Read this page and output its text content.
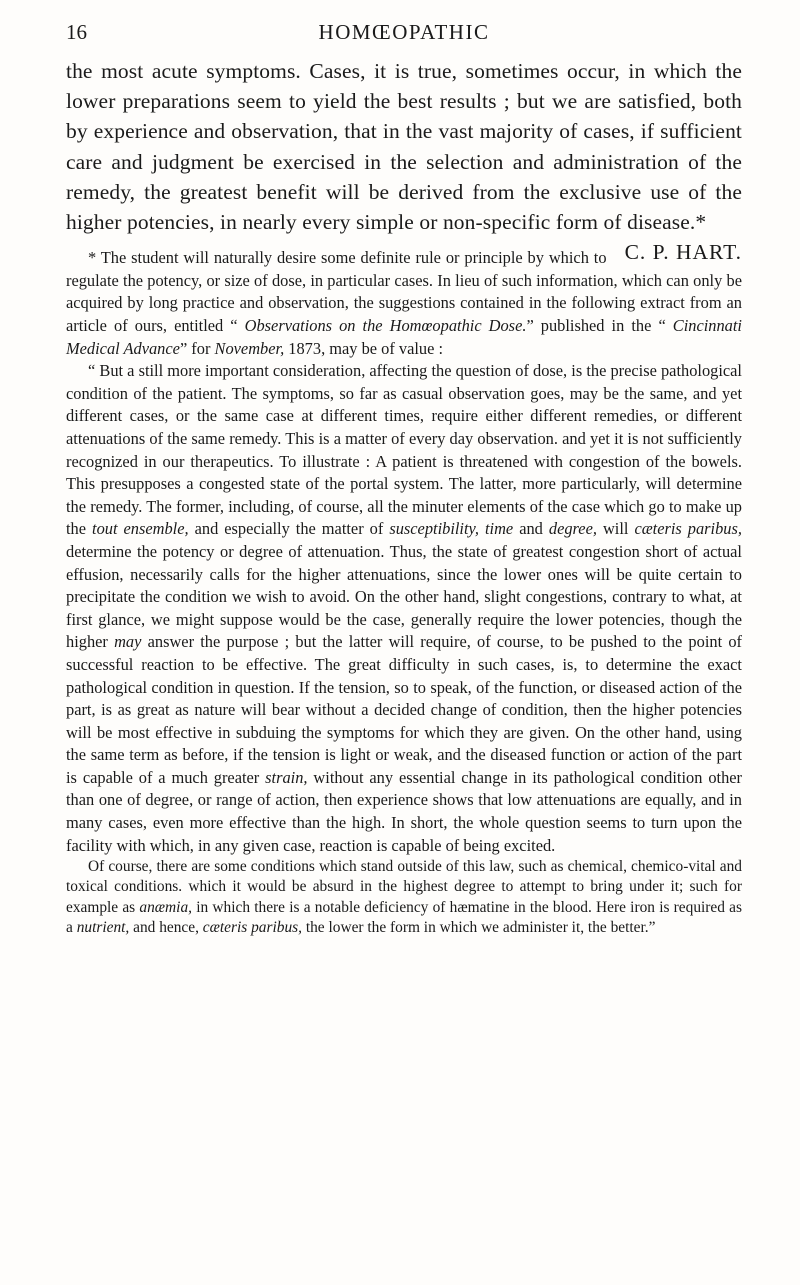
16	HOMŒOPATHIC

the most acute symptoms. Cases, it is true, sometimes occur, in which the lower preparations seem to yield the best results ; but we are satisfied, both by experience and observation, that in the vast majority of cases, if sufficient care and judgment be exercised in the selection and administration of the remedy, the greatest benefit will be derived from the exclusive use of the higher potencies, in nearly every simple or non-specific form of disease.*
C. P. HART.

* The student will naturally desire some definite rule or principle by which to regulate the potency, or size of dose, in particular cases. In lieu of such information, which can only be acquired by long practice and observation, the suggestions contained in the following extract from an article of ours, entitled “ Observations on the Homœopathic Dose.” published in the “ Cincinnati Medical Advance” for November, 1873, may be of value :

“ But a still more important consideration, affecting the question of dose, is the precise pathological condition of the patient. The symptoms, so far as casual observation goes, may be the same, and yet different cases, or the same case at different times, require either different remedies, or different attenuations of the same remedy. This is a matter of every day observation. and yet it is not sufficiently recognized in our therapeutics. To illustrate : A patient is threatened with congestion of the bowels. This presupposes a congested state of the portal system. The latter, more particularly, will determine the remedy. The former, including, of course, all the minuter elements of the case which go to make up the tout ensemble, and especially the matter of susceptibility, time and degree, will cæteris paribus, determine the potency or degree of attenuation. Thus, the state of greatest congestion short of actual effusion, necessarily calls for the higher attenuations, since the lower ones will be quite certain to precipitate the condition we wish to avoid. On the other hand, slight congestions, contrary to what, at first glance, we might suppose would be the case, generally require the lower potencies, though the higher may answer the purpose ; but the latter will require, of course, to be pushed to the point of successful reaction to be effective. The great difficulty in such cases, is, to determine the exact pathological condition in question. If the tension, so to speak, of the function, or diseased action of the part, is as great as nature will bear without a decided change of condition, then the higher potencies will be most effective in subduing the symptoms for which they are given. On the other hand, using the same term as before, if the tension is light or weak, and the diseased function or action of the part is capable of a much greater strain, without any essential change in its pathological condition other than one of degree, or range of action, then experience shows that low attenuations are equally, and in many cases, even more effective than the high. In short, the whole question seems to turn upon the facility with which, in any given case, reaction is capable of being excited.

Of course, there are some conditions which stand outside of this law, such as chemical, chemico-vital and toxical conditions. which it would be absurd in the highest degree to attempt to bring under it; such for example as anæmia, in which there is a notable deficiency of hæmatine in the blood. Here iron is required as a nutrient, and hence, cæteris paribus, the lower the form in which we administer it, the better.”
